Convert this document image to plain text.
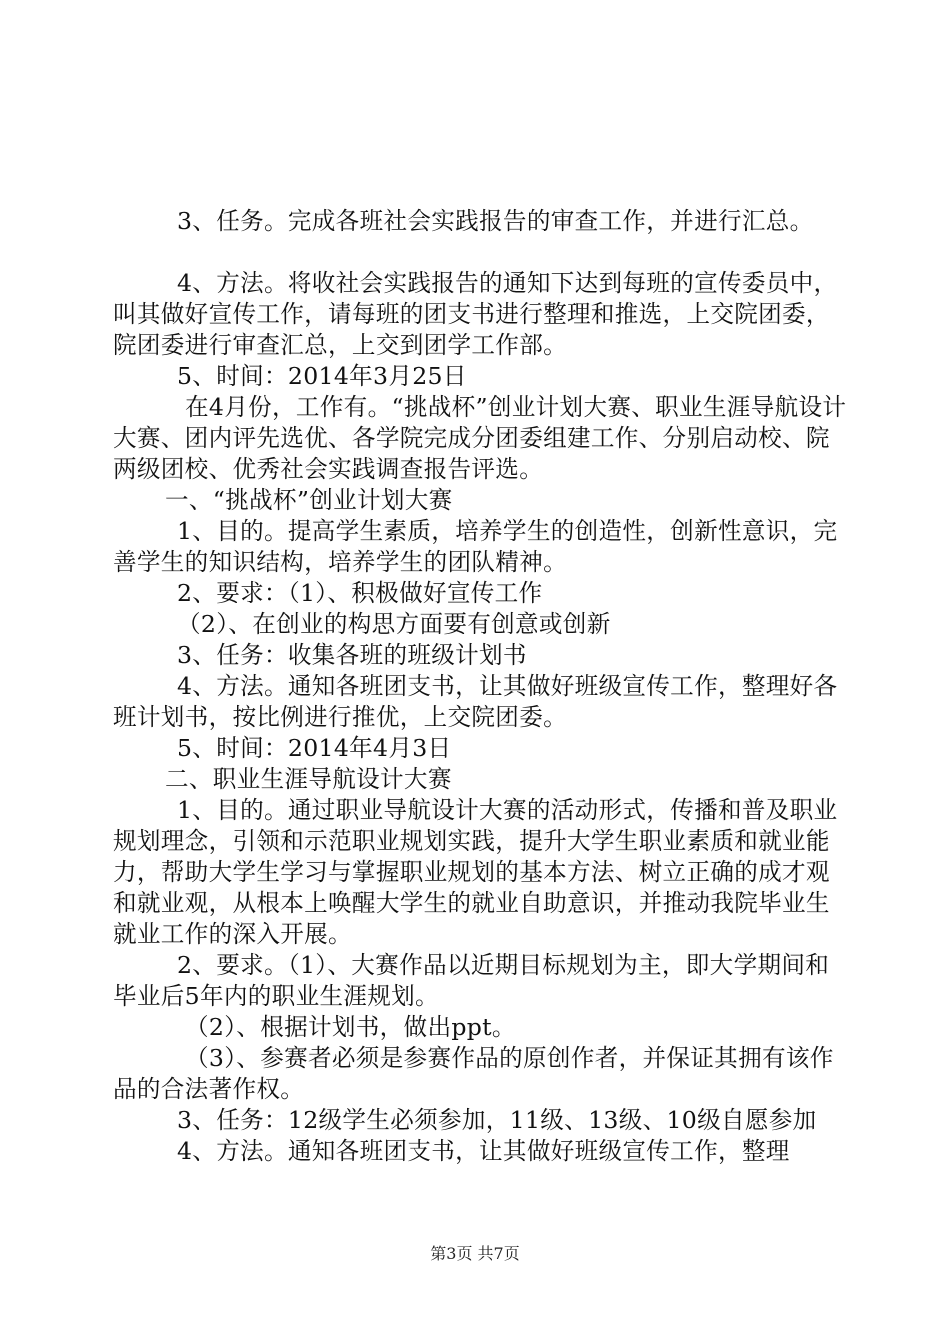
3、任务。完成各班社会实践报告的审查工作，并进行汇总。

4、方法。将收社会实践报告的通知下达到每班的宣传委员中，叫其做好宣传工作，请每班的团支书进行整理和推选，上交院团委，院团委进行审查汇总，上交到团学工作部。

5、时间：2014年3月25日

在4月份，工作有。“挑战杯”创业计划大赛、职业生涯导航设计大赛、团内评先选优、各学院完成分团委组建工作、分别启动校、院两级团校、优秀社会实践调查报告评选。

一、“挑战杯”创业计划大赛

1、目的。提高学生素质，培养学生的创造性，创新性意识，完善学生的知识结构，培养学生的团队精神。

2、要求：（1）、积极做好宣传工作

（2）、在创业的构思方面要有创意或创新

3、任务：收集各班的班级计划书

4、方法。通知各班团支书，让其做好班级宣传工作，整理好各班计划书，按比例进行推优，上交院团委。

5、时间：2014年4月3日

二、职业生涯导航设计大赛

1、目的。通过职业导航设计大赛的活动形式，传播和普及职业规划理念，引领和示范职业规划实践，提升大学生职业素质和就业能力，帮助大学生学习与掌握职业规划的基本方法、树立正确的成才观和就业观，从根本上唤醒大学生的就业自助意识，并推动我院毕业生就业工作的深入开展。

2、要求。（1）、大赛作品以近期目标规划为主，即大学期间和毕业后5年内的职业生涯规划。

（2）、根据计划书，做出ppt。

（3）、参赛者必须是参赛作品的原创作者，并保证其拥有该作品的合法著作权。

3、任务：12级学生必须参加，11级、13级、10级自愿参加

4、方法。通知各班团支书，让其做好班级宣传工作，整理

第3页 共7页
